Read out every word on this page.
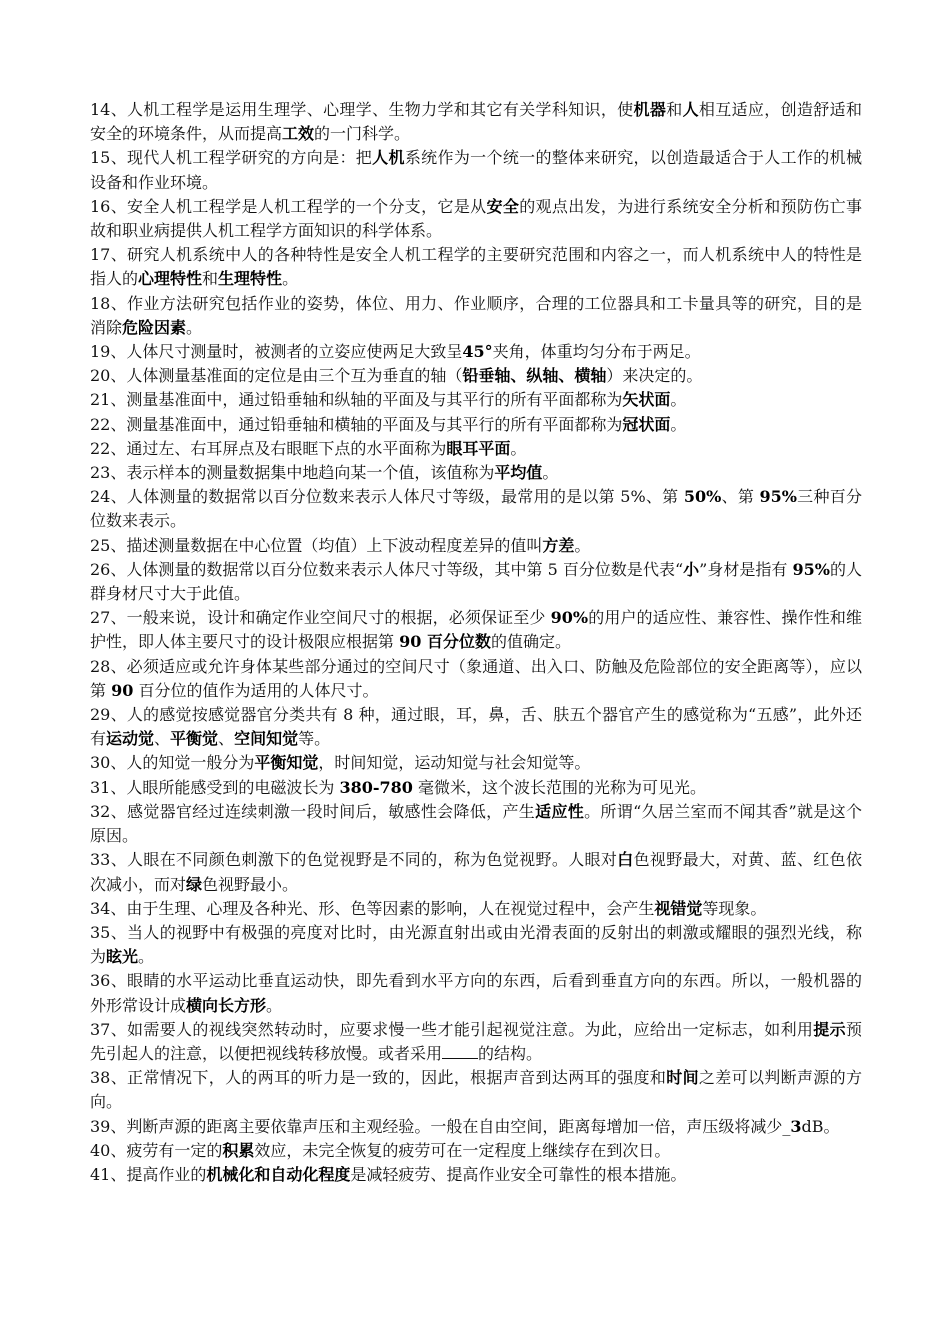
14、人机工程学是运用生理学、心理学、生物力学和其它有关学科知识，使机器和人相互适应，创造舒适和安全的环境条件，从而提高工效的一门科学。

15、现代人机工程学研究的方向是：把人机系统作为一个统一的整体来研究，以创造最适合于人工作的机械设备和作业环境。

16、安全人机工程学是人机工程学的一个分支，它是从安全的观点出发，为进行系统安全分析和预防伤亡事故和职业病提供人机工程学方面知识的科学体系。

17、研究人机系统中人的各种特性是安全人机工程学的主要研究范围和内容之一，而人机系统中人的特性是指人的心理特性和生理特性。

18、作业方法研究包括作业的姿势，体位、用力、作业顺序，合理的工位器具和工卡量具等的研究，目的是消除危险因素。

19、人体尺寸测量时，被测者的立姿应使两足大致呈45°夹角，体重均匀分布于两足。

20、人体测量基准面的定位是由三个互为垂直的轴（铅垂轴、纵轴、横轴）来决定的。

21、测量基准面中，通过铅垂轴和纵轴的平面及与其平行的所有平面都称为矢状面。

22、测量基准面中，通过铅垂轴和横轴的平面及与其平行的所有平面都称为冠状面。

22、通过左、右耳屏点及右眼眶下点的水平面称为眼耳平面。

23、表示样本的测量数据集中地趋向某一个值，该值称为平均值。

24、人体测量的数据常以百分位数来表示人体尺寸等级，最常用的是以第 5%、第 50%、第 95%三种百分位数来表示。

25、描述测量数据在中心位置（均值）上下波动程度差异的值叫方差。

26、人体测量的数据常以百分位数来表示人体尺寸等级，其中第 5 百分位数是代表“小”身材是指有 95%的人群身材尺寸大于此值。

27、一般来说，设计和确定作业空间尺寸的根据，必须保证至少 90%的用户的适应性、兼容性、操作性和维护性，即人体主要尺寸的设计极限应根据第 90 百分位数的值确定。

28、必须适应或允许身体某些部分通过的空间尺寸（象通道、出入口、防触及危险部位的安全距离等），应以第 90 百分位的值作为适用的人体尺寸。

29、人的感觉按感觉器官分类共有 8 种，通过眼，耳，鼻，舌、肤五个器官产生的感觉称为“五感”，此外还有运动觉、平衡觉、空间知觉等。

30、人的知觉一般分为平衡知觉，时间知觉，运动知觉与社会知觉等。

31、人眼所能感受到的电磁波长为 380-780 毫微米，这个波长范围的光称为可见光。

32、感觉器官经过连续刺激一段时间后，敏感性会降低，产生适应性。所谓“久居兰室而不闻其香”就是这个原因。

33、人眼在不同颜色刺激下的色觉视野是不同的，称为色觉视野。人眼对白色视野最大，对黄、蓝、红色依次减小，而对绿色视野最小。

34、由于生理、心理及各种光、形、色等因素的影响，人在视觉过程中，会产生视错觉等现象。

35、当人的视野中有极强的亮度对比时，由光源直射出或由光滑表面的反射出的刺激或耀眼的强烈光线，称为眩光。

36、眼睛的水平运动比垂直运动快，即先看到水平方向的东西，后看到垂直方向的东西。所以，一般机器的外形常设计成横向长方形。

37、如需要人的视线突然转动时，应要求慢一些才能引起视觉注意。为此，应给出一定标志，如利用提示预先引起人的注意，以便把视线转移放慢。或者采用 的结构。

38、正常情况下，人的两耳的听力是一致的，因此，根据声音到达两耳的强度和时间之差可以判断声源的方向。

39、判断声源的距离主要依靠声压和主观经验。一般在自由空间，距离每增加一倍，声压级将减少_3dB。

40、疲劳有一定的积累效应，未完全恢复的疲劳可在一定程度上继续存在到次日。

41、提高作业的机械化和自动化程度是减轻疲劳、提高作业安全可靠性的根本措施。
